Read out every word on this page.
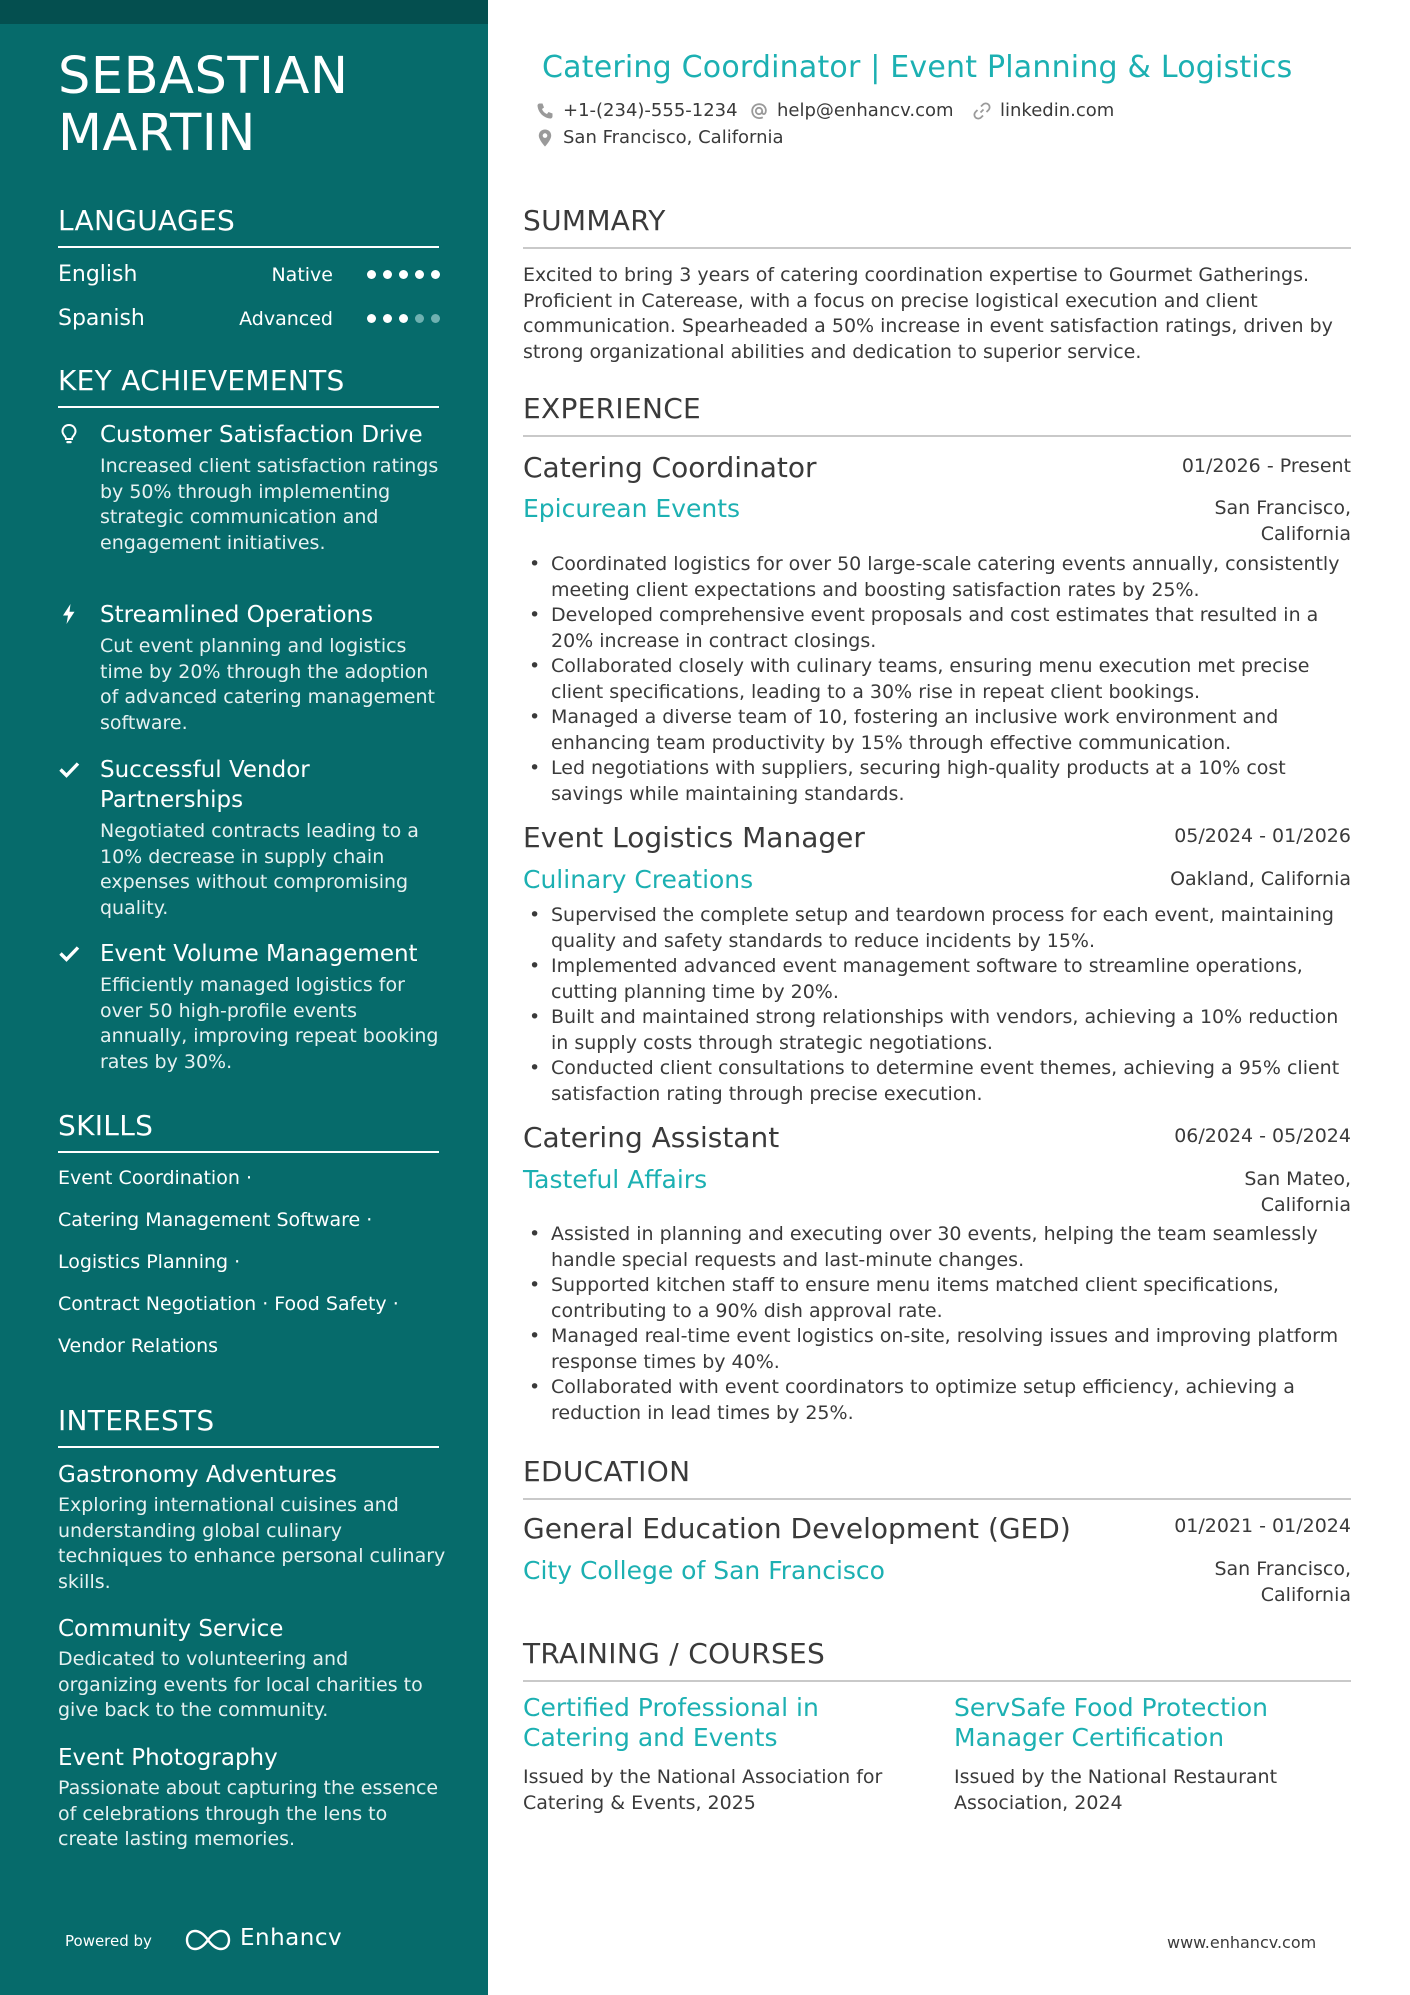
SEBASTIAN
MARTIN
LANGUAGES
English	Native
Spanish	Advanced
KEY ACHIEVEMENTS
Customer Satisfaction Drive
Increased client satisfaction ratings by 50% through implementing strategic communication and engagement initiatives.
Streamlined Operations
Cut event planning and logistics time by 20% through the adoption of advanced catering management software.
Successful Vendor Partnerships
Negotiated contracts leading to a 10% decrease in supply chain expenses without compromising quality.
Event Volume Management
Efficiently managed logistics for over 50 high-profile events annually, improving repeat booking rates by 30%.
SKILLS
Event Coordination ·
Catering Management Software ·
Logistics Planning ·
Contract Negotiation · Food Safety ·
Vendor Relations
INTERESTS
Gastronomy Adventures
Exploring international cuisines and understanding global culinary techniques to enhance personal culinary skills.
Community Service
Dedicated to volunteering and organizing events for local charities to give back to the community.
Event Photography
Passionate about capturing the essence of celebrations through the lens to create lasting memories.
Powered by	Enhancv
Catering Coordinator | Event Planning & Logistics
+1-(234)-555-1234 help@enhancv.com	linkedin.com
San Francisco, California
SUMMARY
Excited to bring 3 years of catering coordination expertise to Gourmet Gatherings. Proficient in Caterease, with a focus on precise logistical execution and client communication. Spearheaded a 50% increase in event satisfaction ratings, driven by strong organizational abilities and dedication to superior service.
EXPERIENCE
Catering Coordinator	01/2026 - Present
Epicurean Events	San Francisco,
California
• Coordinated logistics for over 50 large-scale catering events annually, consistently meeting client expectations and boosting satisfaction rates by 25%.
• Developed comprehensive event proposals and cost estimates that resulted in a 20% increase in contract closings.
• Collaborated closely with culinary teams, ensuring menu execution met precise client specifications, leading to a 30% rise in repeat client bookings.
• Managed a diverse team of 10, fostering an inclusive work environment and enhancing team productivity by 15% through effective communication.
• Led negotiations with suppliers, securing high-quality products at a 10% cost savings while maintaining standards.
Event Logistics Manager	05/2024 - 01/2026
Culinary Creations	Oakland, California
• Supervised the complete setup and teardown process for each event, maintaining quality and safety standards to reduce incidents by 15%.
• Implemented advanced event management software to streamline operations, cutting planning time by 20%.
• Built and maintained strong relationships with vendors, achieving a 10% reduction in supply costs through strategic negotiations.
• Conducted client consultations to determine event themes, achieving a 95% client satisfaction rating through precise execution.
Catering Assistant	06/2024 - 05/2024
Tasteful Affairs	San Mateo,
California
• Assisted in planning and executing over 30 events, helping the team seamlessly handle special requests and last-minute changes.
• Supported kitchen staff to ensure menu items matched client specifications, contributing to a 90% dish approval rate.
• Managed real-time event logistics on-site, resolving issues and improving platform response times by 40%.
• Collaborated with event coordinators to optimize setup efficiency, achieving a reduction in lead times by 25%.
EDUCATION
General Education Development (GED)	01/2021 - 01/2024
City College of San Francisco	San Francisco,
California
TRAINING / COURSES
Certified Professional in Catering and Events
Issued by the National Association for Catering & Events, 2025
ServSafe Food Protection Manager Certification
Issued by the National Restaurant Association, 2024
www.enhancv.com
